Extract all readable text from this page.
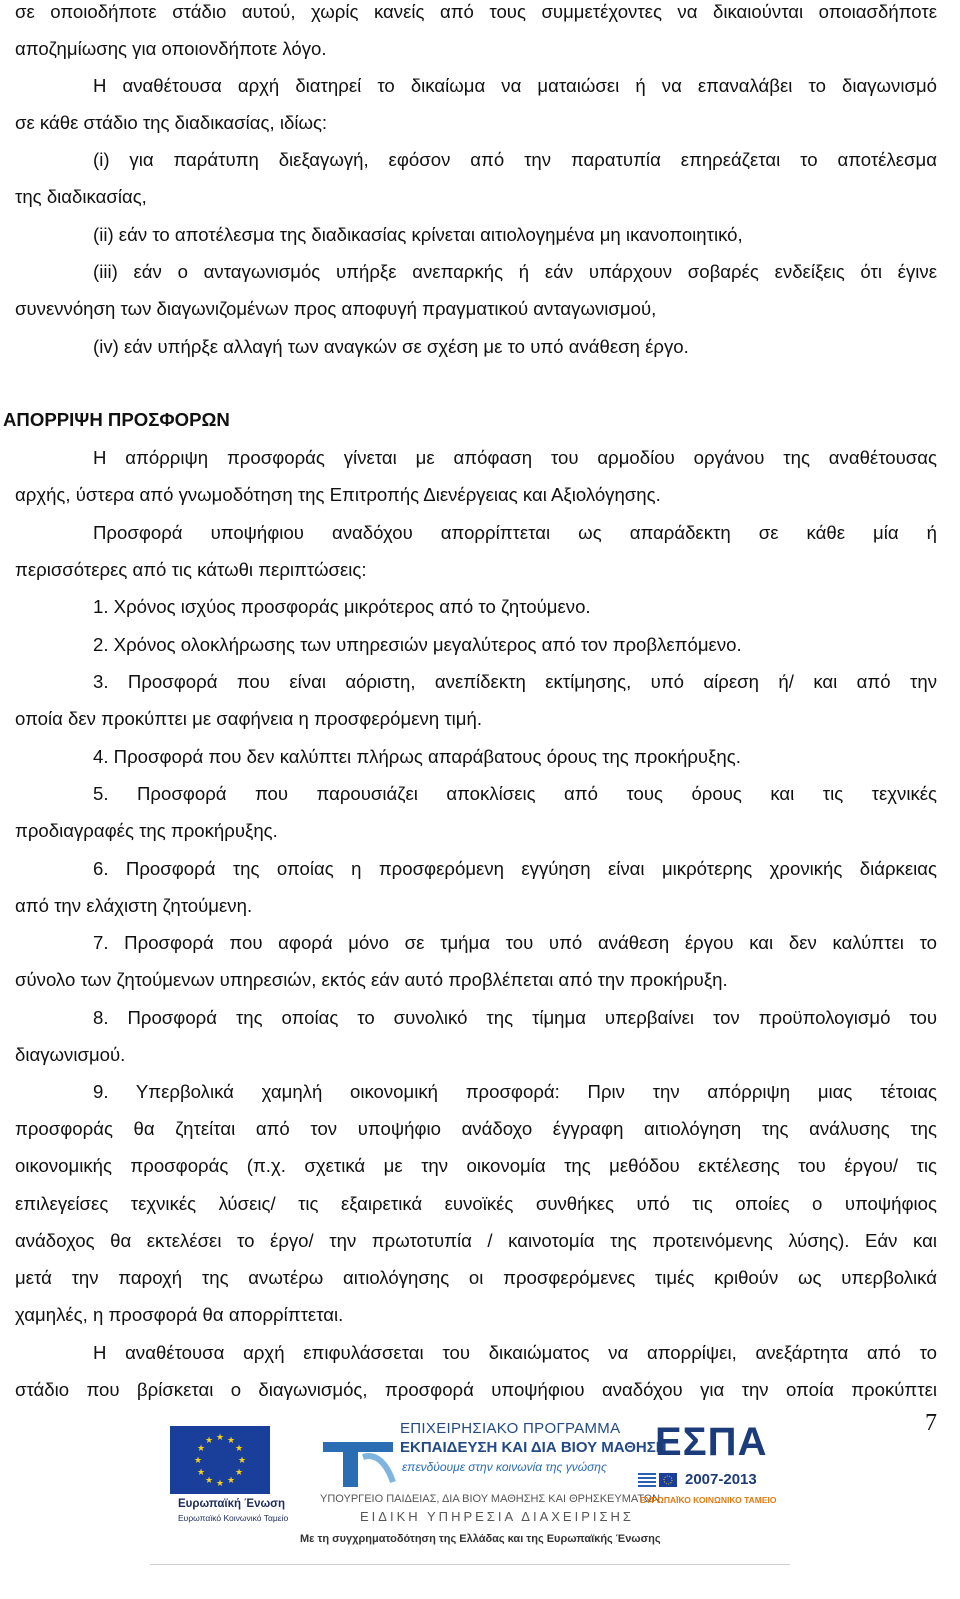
σε οποιοδήποτε στάδιο αυτού, χωρίς κανείς από τους συμμετέχοντες να δικαιούνται οποιασδήποτε
αποζημίωσης για οποιονδήποτε λόγο.
Η αναθέτουσα αρχή διατηρεί το δικαίωμα να ματαιώσει ή να επαναλάβει το διαγωνισμό
σε κάθε στάδιο της διαδικασίας, ιδίως:
(i) για παράτυπη διεξαγωγή, εφόσον από την παρατυπία επηρεάζεται το αποτέλεσμα
της διαδικασίας,
(ii) εάν το αποτέλεσμα της διαδικασίας κρίνεται αιτιολογημένα μη ικανοποιητικό,
(iii) εάν ο ανταγωνισμός υπήρξε ανεπαρκής ή εάν υπάρχουν σοβαρές ενδείξεις ότι έγινε
συνεννόηση των διαγωνιζομένων προς αποφυγή πραγματικού ανταγωνισμού,
(iv) εάν υπήρξε αλλαγή των αναγκών σε σχέση με το υπό ανάθεση έργο.
ΑΠΟΡΡΙΨΗ ΠΡΟΣΦΟΡΩΝ
Η απόρριψη προσφοράς γίνεται με απόφαση του αρμοδίου οργάνου της αναθέτουσας
αρχής, ύστερα από γνωμοδότηση της Επιτροπής Διενέργειας και Αξιολόγησης.
Προσφορά υποψήφιου αναδόχου απορρίπτεται ως απαράδεκτη σε κάθε μία ή
περισσότερες από τις κάτωθι περιπτώσεις:
1. Χρόνος ισχύος προσφοράς μικρότερος από το ζητούμενο.
2. Χρόνος ολοκλήρωσης των υπηρεσιών μεγαλύτερος από τον προβλεπόμενο.
3. Προσφορά που είναι αόριστη, ανεπίδεκτη εκτίμησης, υπό αίρεση ή/ και από την
οποία δεν προκύπτει με σαφήνεια η προσφερόμενη τιμή.
4. Προσφορά που δεν καλύπτει πλήρως απαράβατους όρους της προκήρυξης.
5. Προσφορά που παρουσιάζει αποκλίσεις από τους όρους και τις τεχνικές
προδιαγραφές της προκήρυξης.
6. Προσφορά της οποίας η προσφερόμενη εγγύηση είναι μικρότερης χρονικής διάρκειας
από την ελάχιστη ζητούμενη.
7. Προσφορά που αφορά μόνο σε τμήμα του υπό ανάθεση έργου και δεν καλύπτει το
σύνολο των ζητούμενων υπηρεσιών, εκτός εάν αυτό προβλέπεται από την προκήρυξη.
8. Προσφορά της οποίας το συνολικό της τίμημα υπερβαίνει τον προϋπολογισμό του
διαγωνισμού.
9. Υπερβολικά χαμηλή οικονομική προσφορά: Πριν την απόρριψη μιας τέτοιας
προσφοράς θα ζητείται από τον υποψήφιο ανάδοχο έγγραφη αιτιολόγηση της ανάλυσης της
οικονομικής προσφοράς (π.χ. σχετικά με την οικονομία της μεθόδου εκτέλεσης του έργου/ τις
επιλεγείσες τεχνικές λύσεις/ τις εξαιρετικά ευνοϊκές συνθήκες υπό τις οποίες ο υποψήφιος
ανάδοχος θα εκτελέσει το έργο/ την πρωτοτυπία / καινοτομία της προτεινόμενης λύσης). Εάν και
μετά την παροχή της ανωτέρω αιτιολόγησης οι προσφερόμενες τιμές κριθούν ως υπερβολικά
χαμηλές, η προσφορά θα απορρίπτεται.
Η αναθέτουσα αρχή επιφυλάσσεται του δικαιώματος να απορρίψει, ανεξάρτητα από το
στάδιο που βρίσκεται ο διαγωνισμός, προσφορά υποψήφιου αναδόχου για την οποία προκύπτει
7
★ ★
★
★
★
★
★
★
★
★
★
★
Ευρωπαϊκή Ένωση
Ευρωπαϊκό Κοινωνικό Ταμείο
ΕΠΙΧΕΙΡΗΣΙΑΚΟ ΠΡΟΓΡΑΜΜΑ
ΕΚΠΑΙΔΕΥΣΗ ΚΑΙ ΔΙΑ ΒΙΟΥ ΜΑΘΗΣΗ
επενδύουμε στην κοινωνία της γνώσης
ΥΠΟΥΡΓΕΙΟ ΠΑΙΔΕΙΑΣ, ΔΙΑ ΒΙΟΥ ΜΑΘΗΣΗΣ ΚΑΙ ΘΡΗΣΚΕΥΜΑΤΩΝ
ΕΙΔΙΚΗ ΥΠΗΡΕΣΙΑ ΔΙΑΧΕΙΡΙΣΗΣ
Με τη συγχρηματοδότηση της Ελλάδας και της Ευρωπαϊκής Ένωσης
ΕΣΠΑ
2007-2013
ΕΥΡΩΠΑΪΚΟ ΚΟΙΝΩΝΙΚΟ ΤΑΜΕΙΟ
